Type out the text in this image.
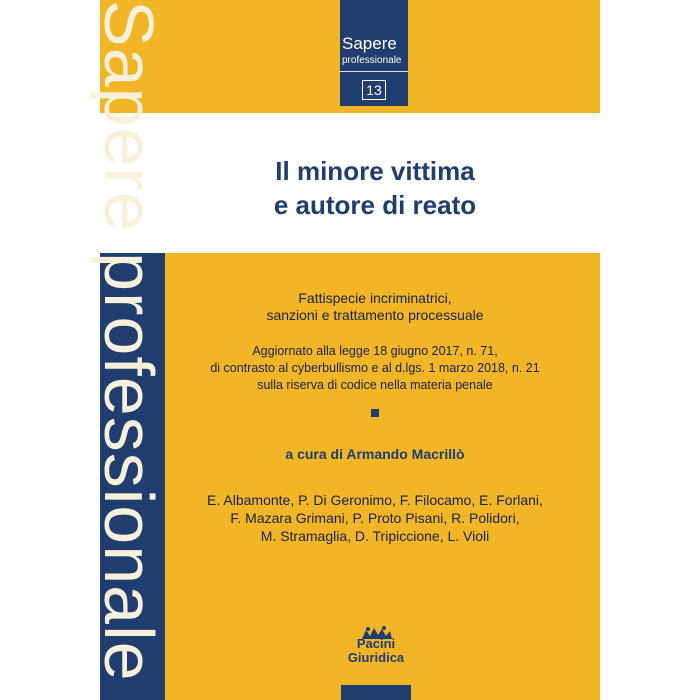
Sapere professionale	Sapere
professionale
13
Il minore vittima
e autore di reato
Fattispecie incriminatrici,
sanzioni e trattamento processuale
Aggiornato alla legge 18 giugno 2017, n. 71,
di contrasto al cyberbullismo e al d.lgs. 1 marzo 2018, n. 21
sulla riserva di codice nella materia penale
a cura di Armando Macrillò
E. Albamonte, P. Di Geronimo, F. Filocamo, E. Forlani,
F. Mazara Grimani, P. Proto Pisani, R. Polidori,
M. Stramaglia, D. Tripiccione, L. Violi
Pacini
Giuridica
